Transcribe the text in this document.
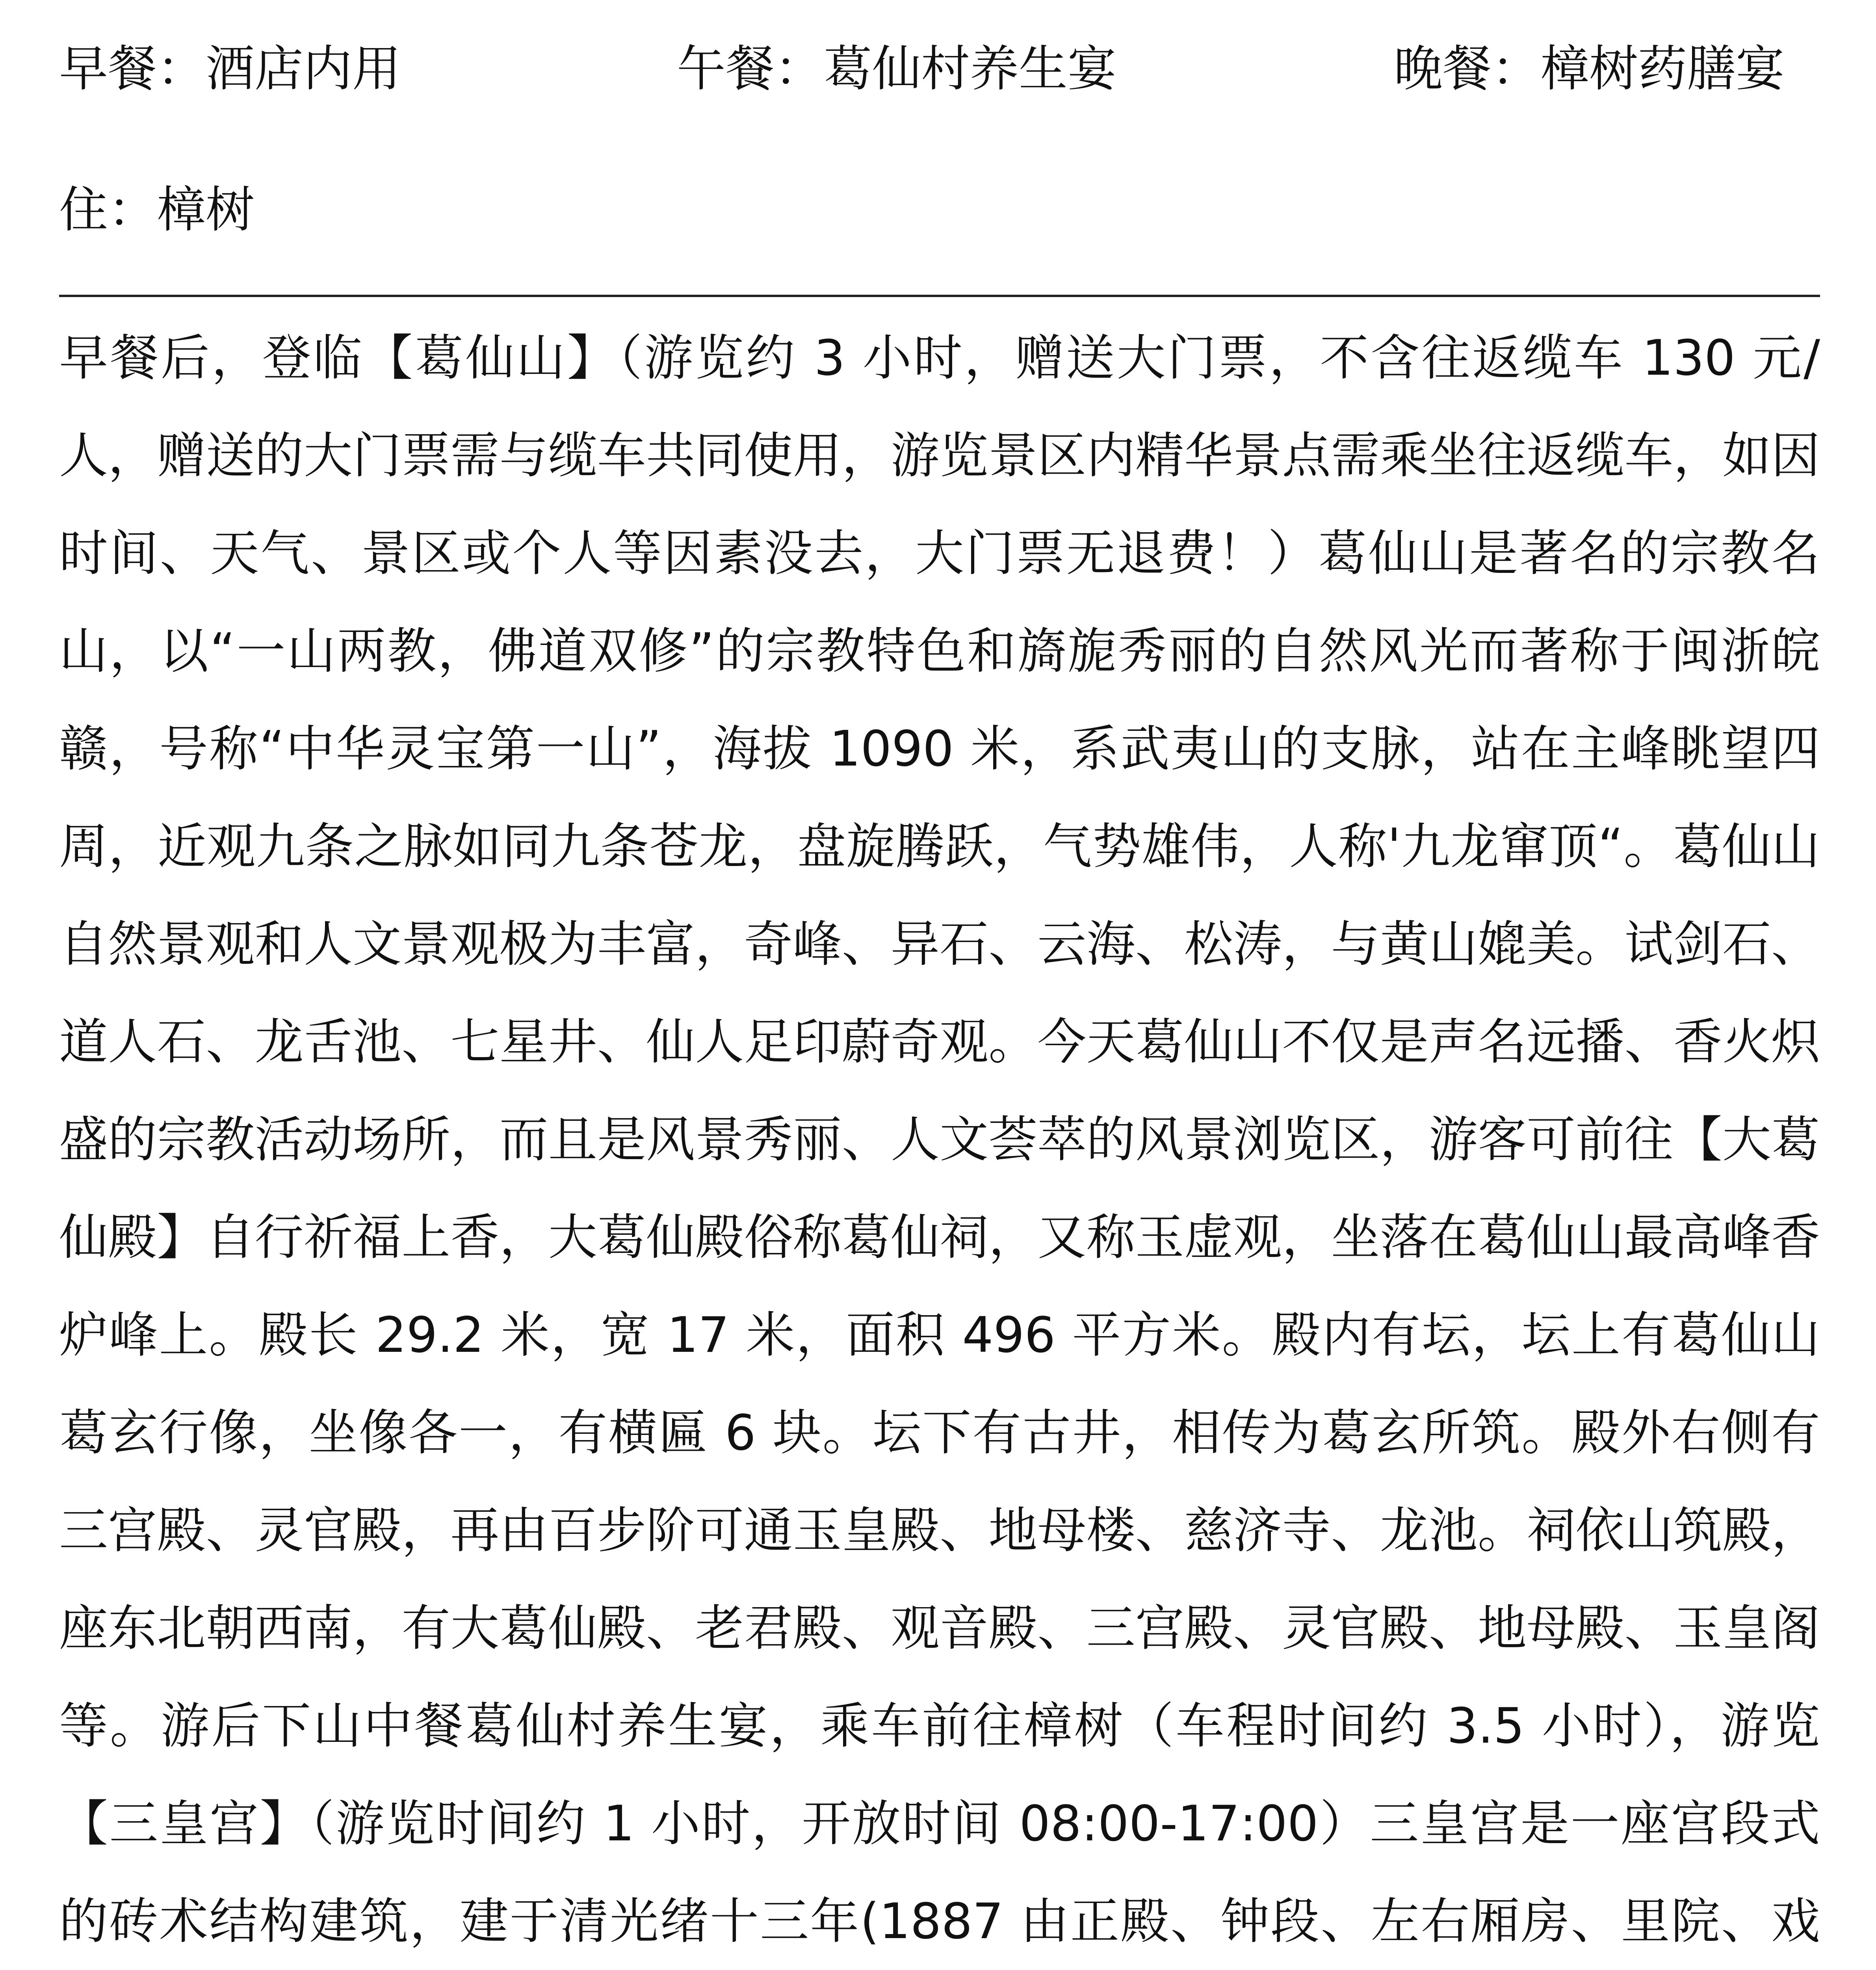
早餐：酒店内用	午餐：葛仙村养生宴	晚餐：樟树药膳宴
住：樟树

早餐后，登临【葛仙山】（游览约 3 小时，赠送大门票，不含往返缆车 130 元/人，赠送的大门票需与缆车共同使用，游览景区内精华景点需乘坐往返缆车，如因时间、天气、景区或个人等因素没去，大门票无退费！）葛仙山是著名的宗教名山，以“一山两教，佛道双修”的宗教特色和旖旎秀丽的自然风光而著称于闽浙皖赣，号称“中华灵宝第一山”，海拔 1090 米，系武夷山的支脉，站在主峰眺望四周，近观九条之脉如同九条苍龙，盘旋腾跃，气势雄伟，人称'九龙窜顶“。葛仙山自然景观和人文景观极为丰富，奇峰、异石、云海、松涛，与黄山媲美。试剑石、道人石、龙舌池、七星井、仙人足印蔚奇观。今天葛仙山不仅是声名远播、香火炽盛的宗教活动场所，而且是风景秀丽、人文荟萃的风景浏览区，游客可前往【大葛仙殿】自行祈福上香，大葛仙殿俗称葛仙祠，又称玉虚观，坐落在葛仙山最高峰香炉峰上。殿长 29.2 米，宽 17 米，面积 496 平方米。殿内有坛，坛上有葛仙山葛玄行像，坐像各一，有横匾 6 块。坛下有古井，相传为葛玄所筑。殿外右侧有三宫殿、灵官殿，再由百步阶可通玉皇殿、地母楼、慈济寺、龙池。祠依山筑殿，座东北朝西南，有大葛仙殿、老君殿、观音殿、三宫殿、灵官殿、地母殿、玉皇阁等。游后下山中餐葛仙村养生宴，乘车前往樟树（车程时间约 3.5 小时），游览【三皇宫】（游览时间约 1 小时，开放时间 08:00-17:00）三皇宫是一座宫段式的砖术结构建筑，建于清光绪十三年(1887 由正殿、钟段、左右厢房、里院、戏
